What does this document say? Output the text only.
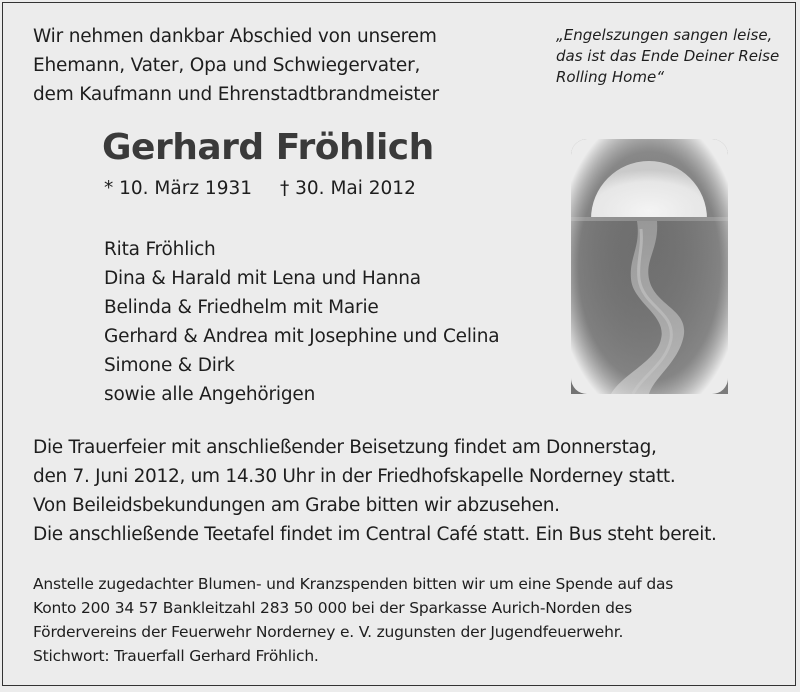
Wir nehmen dankbar Abschied von unserem
Ehemann, Vater, Opa und Schwiegervater,
dem Kaufmann und Ehrenstadtbrandmeister
„Engelszungen sangen leise,
das ist das Ende Deiner Reise
Rolling Home“
Gerhard Fröhlich
* 10. März 1931 † 30. Mai 2012
Rita Fröhlich
Dina & Harald mit Lena und Hanna
Belinda & Friedhelm mit Marie
Gerhard & Andrea mit Josephine und Celina
Simone & Dirk
sowie alle Angehörigen
Die Trauerfeier mit anschließender Beisetzung findet am Donnerstag,
den 7. Juni 2012, um 14.30 Uhr in der Friedhofskapelle Norderney statt.
Von Beileidsbekundungen am Grabe bitten wir abzusehen.
Die anschließende Teetafel findet im Central Café statt. Ein Bus steht bereit.
Anstelle zugedachter Blumen- und Kranzspenden bitten wir um eine Spende auf das
Konto 200 34 57 Bankleitzahl 283 50 000 bei der Sparkasse Aurich-Norden des
Fördervereins der Feuerwehr Norderney e. V. zugunsten der Jugendfeuerwehr.
Stichwort: Trauerfall Gerhard Fröhlich.
